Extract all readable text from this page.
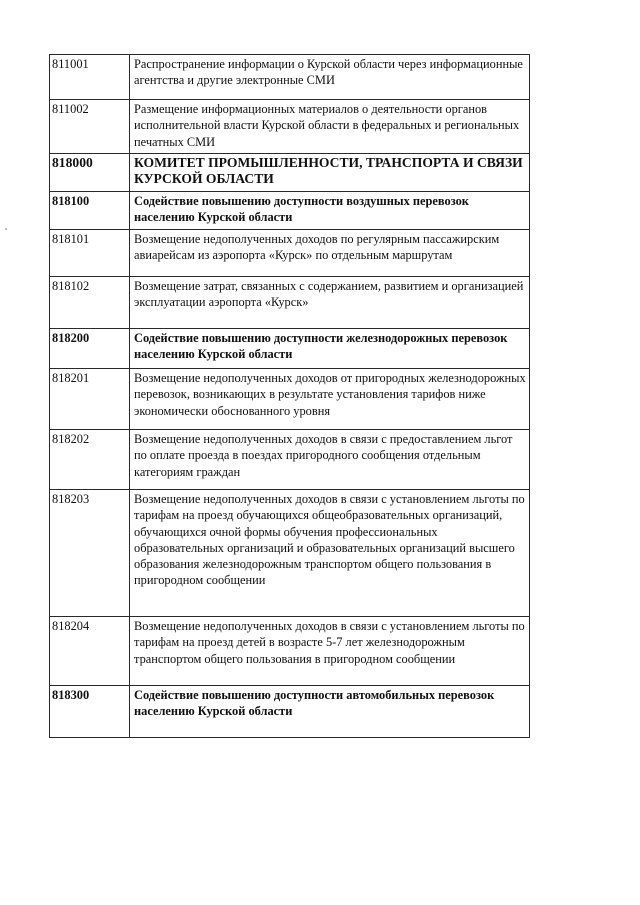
811001	Распространение информации о Курской области через информационные агентства и другие электронные СМИ
811002	Размещение информационных материалов о деятельности органов исполнительной власти Курской области в федеральных и региональных печатных СМИ
818000	КОМИТЕТ ПРОМЫШЛЕННОСТИ, ТРАНСПОРТА И СВЯЗИ КУРСКОЙ ОБЛАСТИ
818100	Содействие повышению доступности воздушных перевозок населению Курской области
818101	Возмещение недополученных доходов по регулярным пассажирским авиарейсам из аэропорта «Курск» по отдельным маршрутам
818102	Возмещение затрат, связанных с содержанием, развитием и организацией эксплуатации аэропорта «Курск»
818200	Содействие повышению доступности железнодорожных перевозок населению Курской области
818201	Возмещение недополученных доходов от пригородных железнодорожных перевозок, возникающих в результате установления тарифов ниже экономически обоснованного уровня
818202	Возмещение недополученных доходов в связи с предоставлением льгот по оплате проезда в поездах пригородного сообщения отдельным категориям граждан
818203	Возмещение недополученных доходов в связи с установлением льготы по тарифам на проезд обучающихся общеобразовательных организаций, обучающихся очной формы обучения профессиональных образовательных организаций и образовательных организаций высшего образования железнодорожным транспортом общего пользования в пригородном сообщении
818204	Возмещение недополученных доходов в связи с установлением льготы по тарифам на проезд детей в возрасте 5-7 лет железнодорожным транспортом общего пользования в пригородном сообщении
818300	Содействие повышению доступности автомобильных перевозок населению Курской области
